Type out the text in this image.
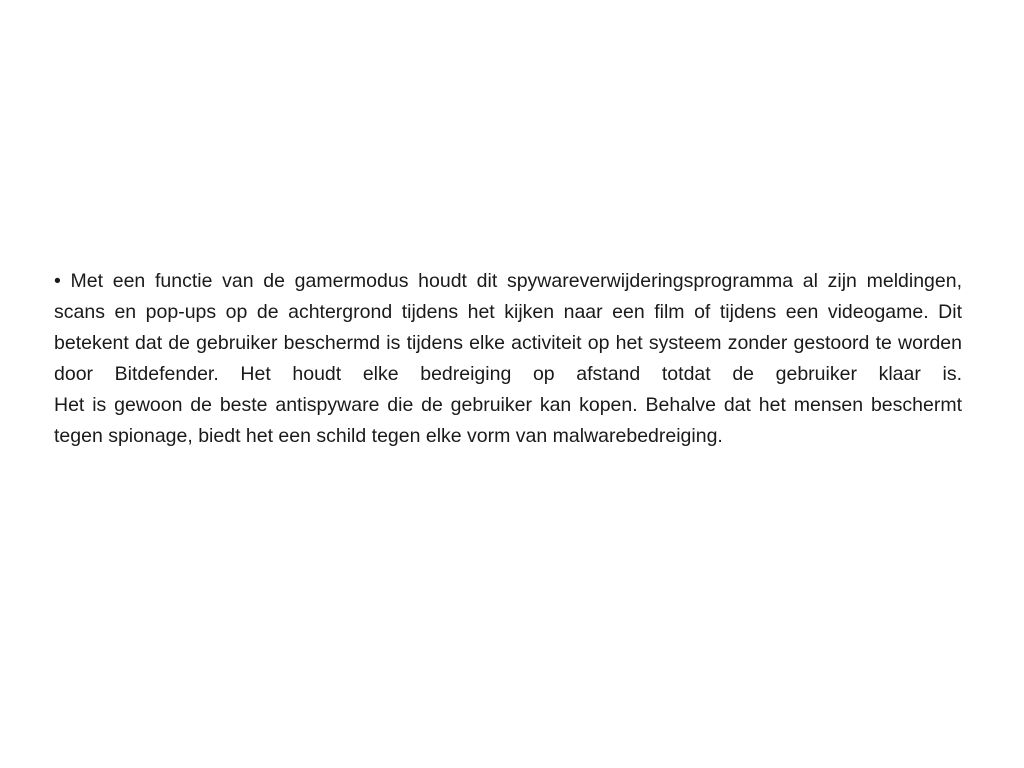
• Met een functie van de gamermodus houdt dit spywareverwijderingsprogramma al zijn meldingen, scans en pop-ups op de achtergrond tijdens het kijken naar een film of tijdens een videogame. Dit betekent dat de gebruiker beschermd is tijdens elke activiteit op het systeem zonder gestoord te worden door Bitdefender. Het houdt elke bedreiging op afstand totdat de gebruiker klaar is.

Het is gewoon de beste antispyware die de gebruiker kan kopen. Behalve dat het mensen beschermt tegen spionage, biedt het een schild tegen elke vorm van malwarebedreiging.
